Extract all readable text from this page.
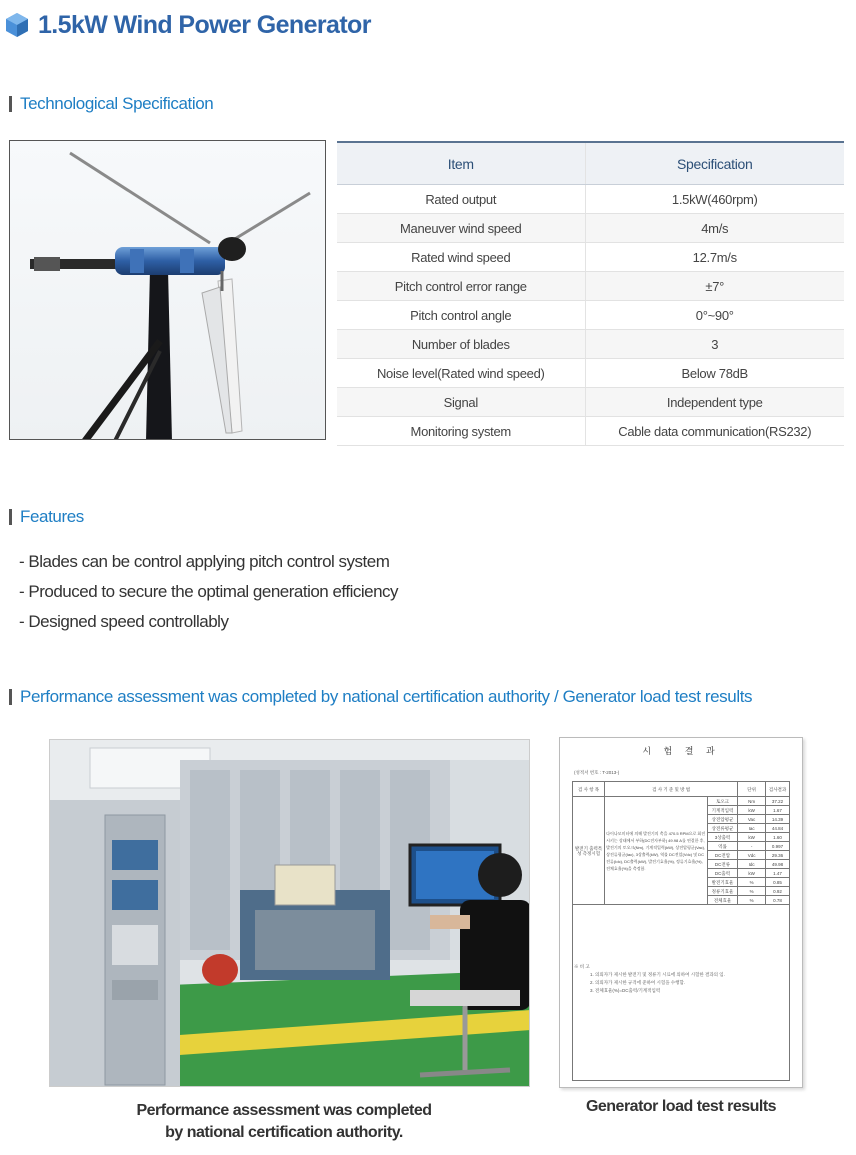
1.5kW Wind Power Generator
Technological Specification
Item	Specification
Rated output	1.5kW(460rpm)
Maneuver wind speed	4m/s
Rated wind speed	12.7m/s
Pitch control error range	±7°
Pitch control angle	0°~90°
Number of blades	3
Noise level(Rated wind speed)	Below 78dB
Signal	Independent type
Monitoring system	Cable data communication(RS232)
Features
- Blades can be control applying pitch control system
- Produced to secure the optimal generation efficiency
- Designed speed controllably
Performance assessment was completed by national certification authority / Generator load test results
시 험 결 과
(성적서 번호 : T-2013-)
검 사 항 목	검 사 기 준 및 방 법		단위	검사결과
발전기 출력특성 측정시험	다이나모미터에 의해 발전기의 축을 470.5 RPM으로 회전시키는 상태에서 부하(DC전자부하) 49.98 A를 연결한 후, 발전기의 토오크(Nm), 기계적입력(kW), 상전압평균(Vac), 상전류평균(Iac), 3상출력(kW), 역률 DC전압(Vdc) 및 DC전류(Idc), DC출력(kW), 발전기효율(%), 정류기효율(%), 전체효율(%)을 측정함.	토오크	Nm	37.22
		기계적입력	kW	1.67
		상전압평균	Vac	14.39
		상전류평균	Iac	44.84
		3상출력	kW	1.60
		역률	-	0.997
		DC전압	Vdc	29.36
		DC전류	Idc	49.98
		DC출력	kW	1.47
		발전기효율	%	0.85
		정류기효율	%	0.92
		전체효율	%	0.78
※ 비 고
1. 의뢰자가 제시한 발전기 및 정류기 시료에 의하여 시험한 결과의 임.
2. 의뢰자가 제시한 규격에 준하여 시험을 수행함.
3. 전체효율(%)=DC출력/기계적입력
Performance assessment was completed
by national certification authority.
Generator load test results
